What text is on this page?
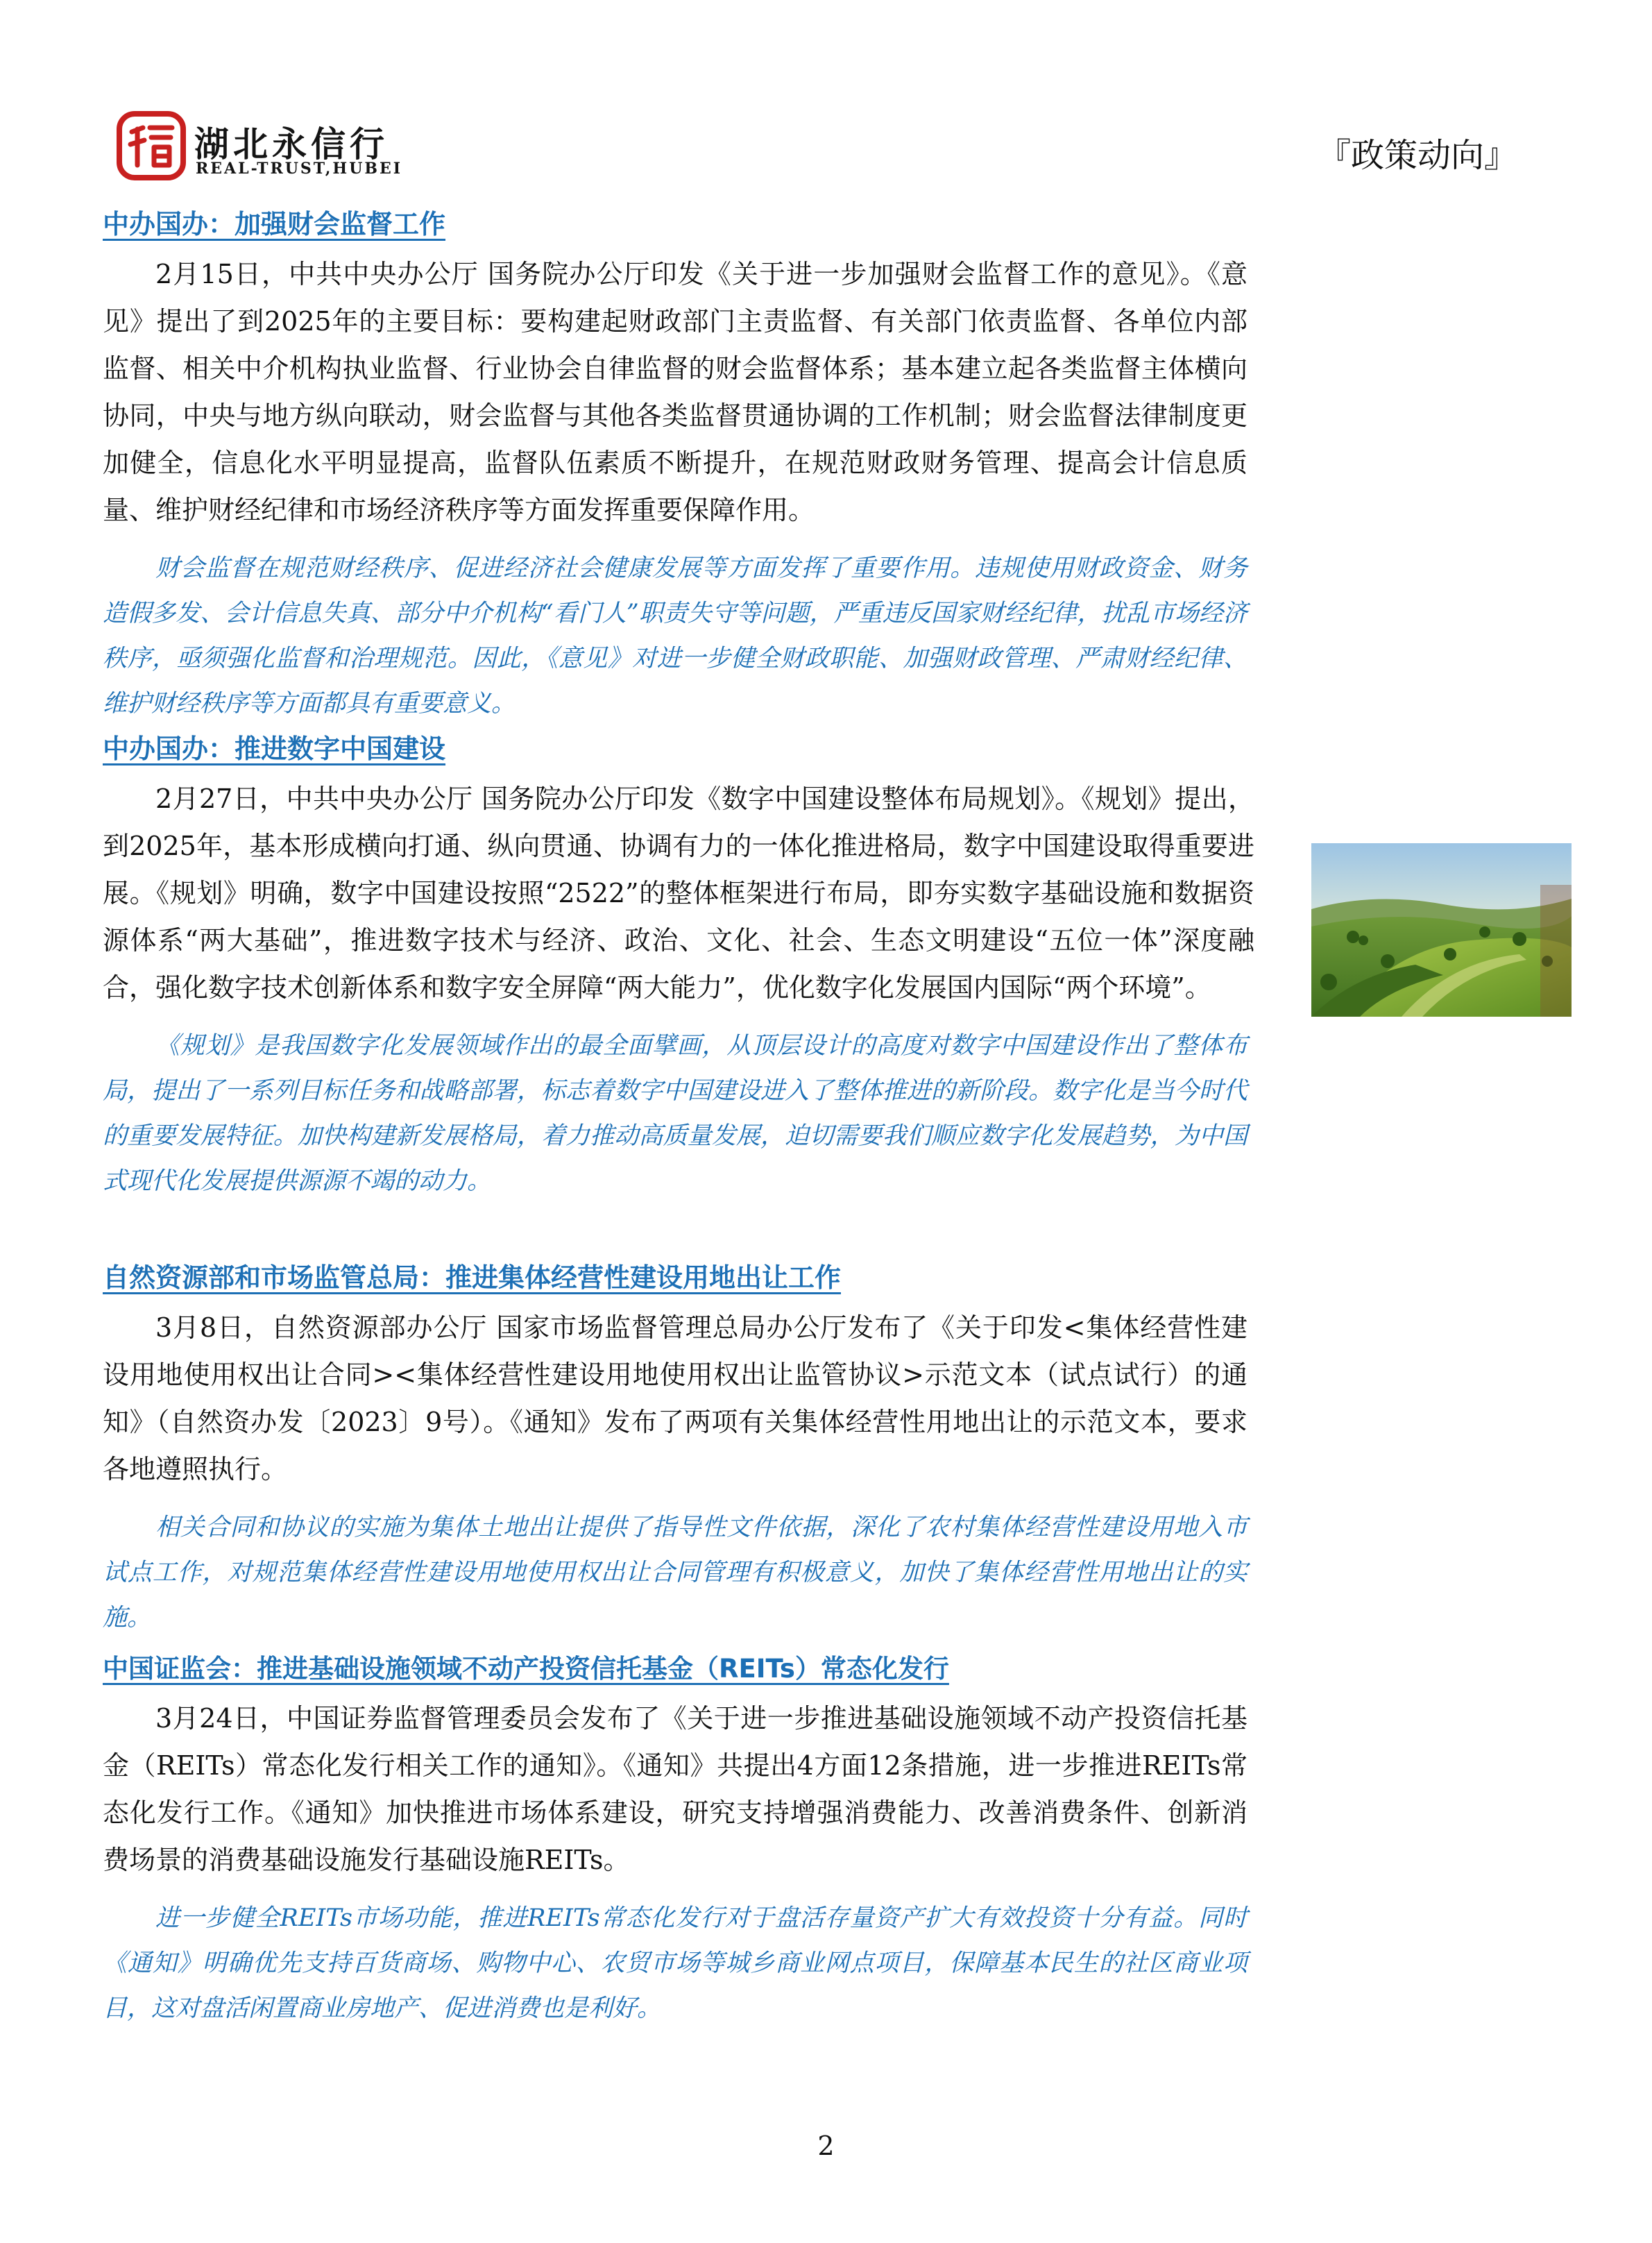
湖北永信行
REAL-TRUST,HUBEI	『政策动向』
中办国办：加强财会监督工作

2月15日，中共中央办公厅 国务院办公厅印发《关于进一步加强财会监督工作的意见》。《意见》提出了到2025年的主要目标：要构建起财政部门主责监督、有关部门依责监督、各单位内部监督、相关中介机构执业监督、行业协会自律监督的财会监督体系；基本建立起各类监督主体横向协同，中央与地方纵向联动，财会监督与其他各类监督贯通协调的工作机制；财会监督法律制度更加健全，信息化水平明显提高，监督队伍素质不断提升，在规范财政财务管理、提高会计信息质量、维护财经纪律和市场经济秩序等方面发挥重要保障作用。

财会监督在规范财经秩序、促进经济社会健康发展等方面发挥了重要作用。违规使用财政资金、财务造假多发、会计信息失真、部分中介机构“看门人”职责失守等问题，严重违反国家财经纪律，扰乱市场经济秩序，亟须强化监督和治理规范。因此，《意见》对进一步健全财政职能、加强财政管理、严肃财经纪律、维护财经秩序等方面都具有重要意义。

中办国办：推进数字中国建设

2月27日，中共中央办公厅 国务院办公厅印发《数字中国建设整体布局规划》。《规划》提出，到2025年，基本形成横向打通、纵向贯通、协调有力的一体化推进格局，数字中国建设取得重要进展。《规划》明确，数字中国建设按照“2522”的整体框架进行布局，即夯实数字基础设施和数据资源体系“两大基础”，推进数字技术与经济、政治、文化、社会、生态文明建设“五位一体”深度融合，强化数字技术创新体系和数字安全屏障“两大能力”，优化数字化发展国内国际“两个环境”。

《规划》是我国数字化发展领域作出的最全面擘画，从顶层设计的高度对数字中国建设作出了整体布局，提出了一系列目标任务和战略部署，标志着数字中国建设进入了整体推进的新阶段。数字化是当今时代的重要发展特征。加快构建新发展格局，着力推动高质量发展，迫切需要我们顺应数字化发展趋势，为中国式现代化发展提供源源不竭的动力。

自然资源部和市场监管总局：推进集体经营性建设用地出让工作

3月8日，自然资源部办公厅 国家市场监督管理总局办公厅发布了《关于印发<集体经营性建设用地使用权出让合同><集体经营性建设用地使用权出让监管协议>示范文本（试点试行）的通知》（自然资办发〔2023〕9号）。《通知》发布了两项有关集体经营性用地出让的示范文本，要求各地遵照执行。

相关合同和协议的实施为集体土地出让提供了指导性文件依据，深化了农村集体经营性建设用地入市试点工作，对规范集体经营性建设用地使用权出让合同管理有积极意义，加快了集体经营性用地出让的实施。

中国证监会：推进基础设施领域不动产投资信托基金（REITs）常态化发行

3月24日，中国证券监督管理委员会发布了《关于进一步推进基础设施领域不动产投资信托基金（REITs）常态化发行相关工作的通知》。《通知》共提出4方面12条措施，进一步推进REITs常态化发行工作。《通知》加快推进市场体系建设，研究支持增强消费能力、改善消费条件、创新消费场景的消费基础设施发行基础设施REITs。

进一步健全REITs市场功能，推进REITs常态化发行对于盘活存量资产扩大有效投资十分有益。同时《通知》明确优先支持百货商场、购物中心、农贸市场等城乡商业网点项目，保障基本民生的社区商业项目，这对盘活闲置商业房地产、促进消费也是利好。

2
